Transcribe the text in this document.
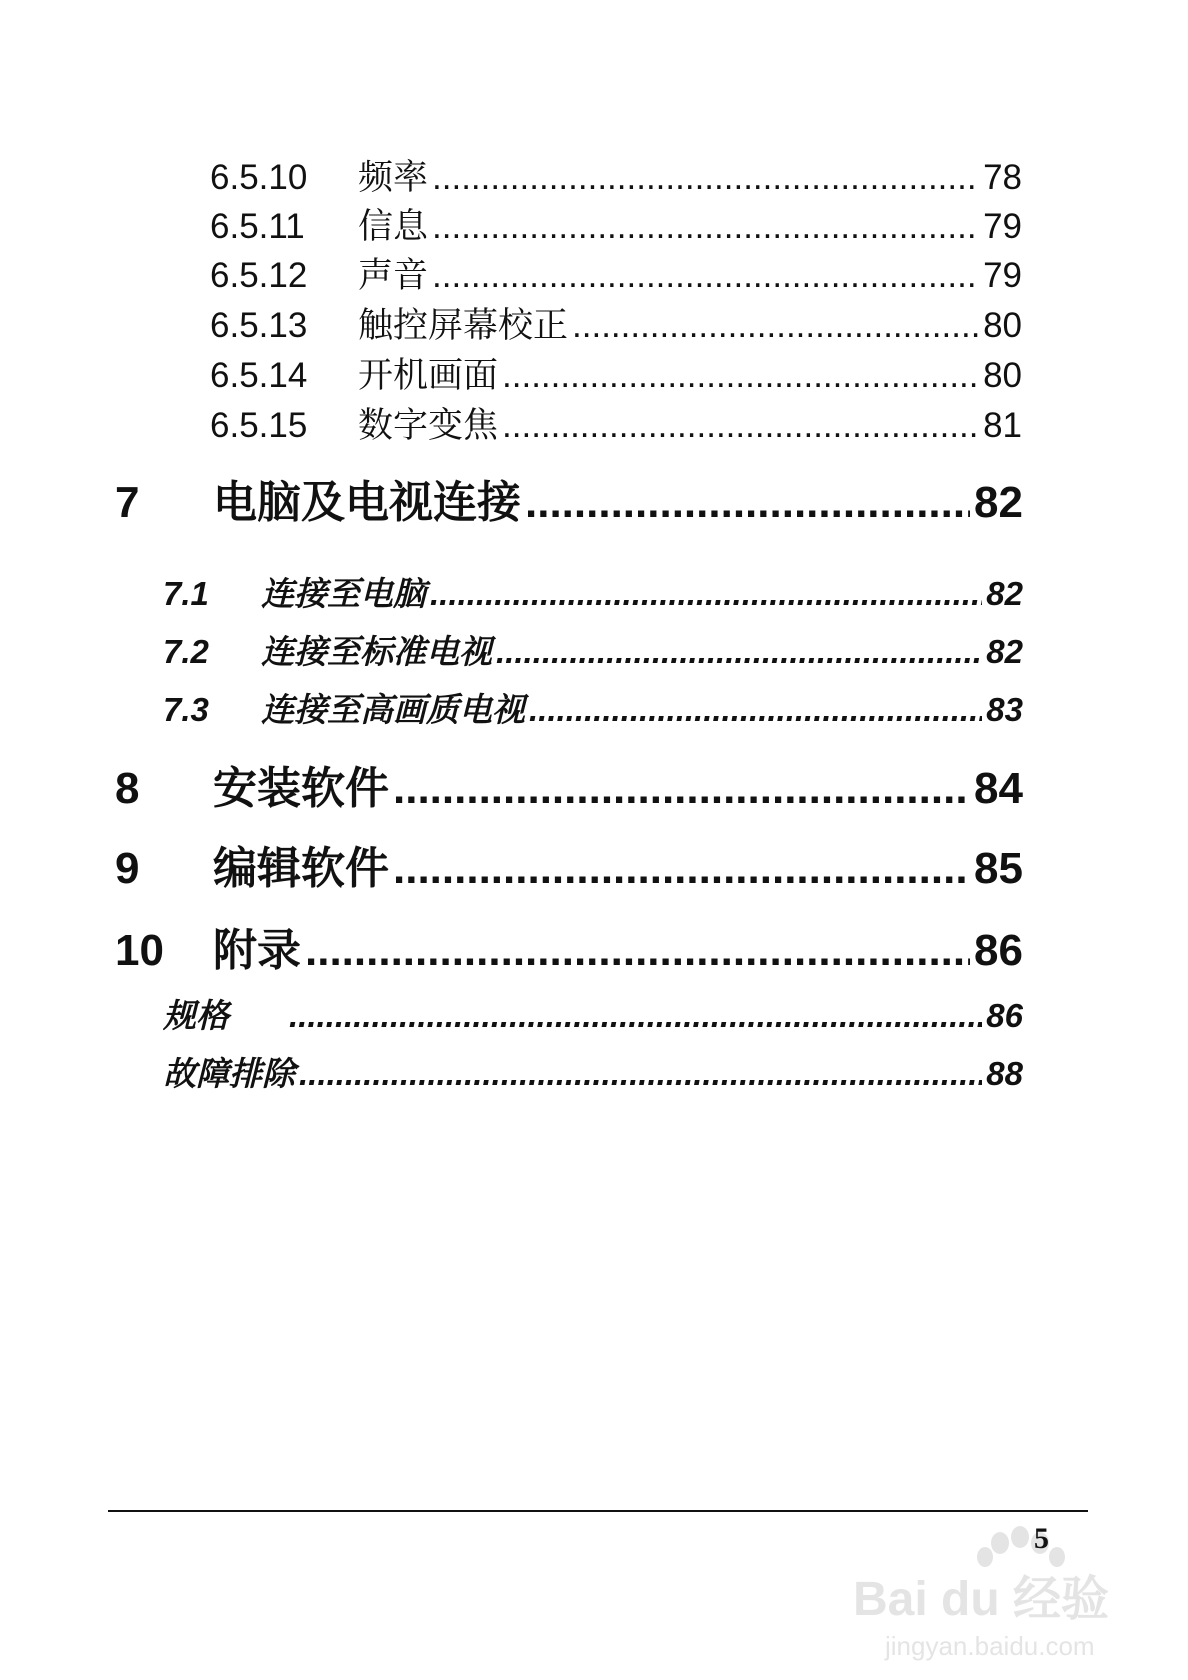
6.5.10	频率 .....	78
6.5.11	信息 .....	79
6.5.12	声音 .....	79
6.5.13	触控屏幕校正 .....	80
6.5.14	开机画面 .....	80
6.5.15	数字变焦 .....	81
7	电脑及电视连接 .....	82
7.1	连接至电脑 .....	82
7.2	连接至标准电视 .....	82
7.3	连接至高画质电视 .....	83
8	安装软件 .....	84
9	编辑软件 .....	85
10	附录 .....	86
规格 .....	86
故障排除 .....	88
Bai du 经验
jingyan.baidu.com
5
